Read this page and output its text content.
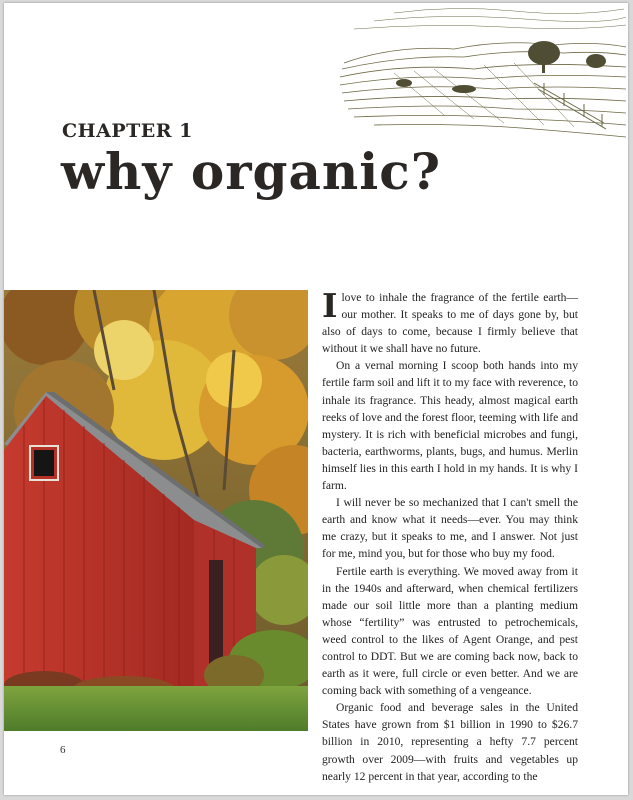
CHAPTER 1
why organic?

I love to inhale the fragrance of the fertile earth—our mother. It speaks to me of days gone by, but also of days to come, because I firmly believe that without it we shall have no future.

On a vernal morning I scoop both hands into my fertile farm soil and lift it to my face with reverence, to inhale its fragrance. This heady, almost magical earth reeks of love and the forest floor, teeming with life and mystery. It is rich with beneficial microbes and fungi, bacteria, earthworms, plants, bugs, and humus. Merlin himself lies in this earth I hold in my hands. It is why I farm.

I will never be so mechanized that I can't smell the earth and know what it needs—ever. You may think me crazy, but it speaks to me, and I answer. Not just for me, mind you, but for those who buy my food.

Fertile earth is everything. We moved away from it in the 1940s and afterward, when chemical fertilizers made our soil little more than a planting medium whose “fertility” was entrusted to petrochemicals, weed control to the likes of Agent Orange, and pest control to DDT. But we are coming back now, back to earth as it were, full circle or even better. And we are coming back with something of a vengeance.

Organic food and beverage sales in the United States have grown from $1 billion in 1990 to $26.7 billion in 2010, representing a hefty 7.7 percent growth over 2009—with fruits and vegetables up nearly 12 percent in that year, according to the

6
